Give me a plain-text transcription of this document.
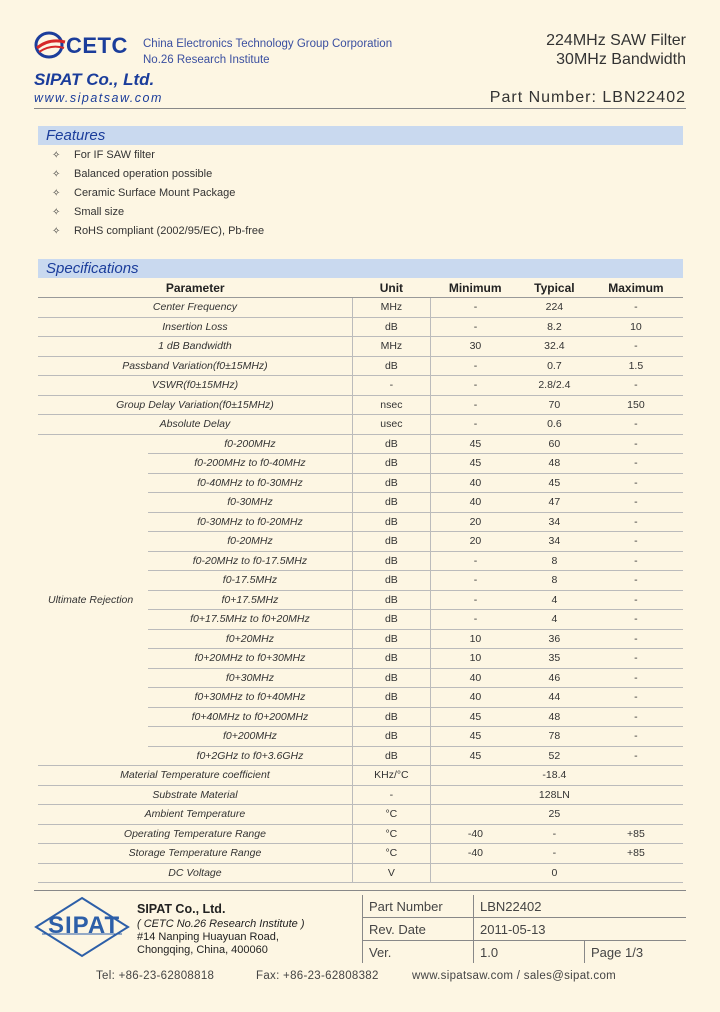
CETC China Electronics Technology Group Corporation
No.26 Research Institute
224MHz SAW Filter
30MHz Bandwidth
SIPAT Co., Ltd.
www.sipatsaw.com	Part Number: LBN22402
Features
✧ For IF SAW filter
✧ Balanced operation possible
✧ Ceramic Surface Mount Package
✧ Small size
✧ RoHS compliant (2002/95/EC), Pb-free
Specifications
Parameter		Unit	Minimum	Typical	Maximum
Center Frequency		MHz	-	224	-
Insertion Loss		dB	-	8.2	10
1 dB Bandwidth		MHz	30	32.4	-
Passband Variation(f0±15MHz)		dB	-	0.7	1.5
VSWR(f0±15MHz)		-	-	2.8/2.4	-
Group Delay Variation(f0±15MHz)		nsec	-	70	150
Absolute Delay		usec	-	0.6	-
Ultimate Rejection	f0-200MHz	dB	45	60	-
	f0-200MHz to f0-40MHz	dB	45	48	-
	f0-40MHz to f0-30MHz	dB	40	45	-
	f0-30MHz	dB	40	47	-
	f0-30MHz to f0-20MHz	dB	20	34	-
	f0-20MHz	dB	20	34	-
	f0-20MHz to f0-17.5MHz	dB	-	8	-
	f0-17.5MHz	dB	-	8	-
	f0+17.5MHz	dB	-	4	-
	f0+17.5MHz to f0+20MHz	dB	-	4	-
	f0+20MHz	dB	10	36	-
	f0+20MHz to f0+30MHz	dB	10	35	-
	f0+30MHz	dB	40	46	-
	f0+30MHz to f0+40MHz	dB	40	44	-
	f0+40MHz to f0+200MHz	dB	45	48	-
	f0+200MHz	dB	45	78	-
	f0+2GHz to f0+3.6GHz	dB	45	52	-
Material Temperature coefficient		KHz/°C		-18.4	
Substrate Material		-		128LN	
Ambient Temperature		°C		25	
Operating Temperature Range		°C	-40	-	+85
Storage Temperature Range		°C	-40	-	+85
DC Voltage		V		0	
SIPAT
SIPAT Co., Ltd.
( CETC No.26 Research Institute )
#14 Nanping Huayuan Road,
Chongqing, China, 400060
Part Number	LBN22402	
Rev. Date	2011-05-13	
Ver.	1.0	Page 1/3
Tel: +86-23-62808818	Fax: +86-23-62808382	www.sipatsaw.com / sales@sipat.com
